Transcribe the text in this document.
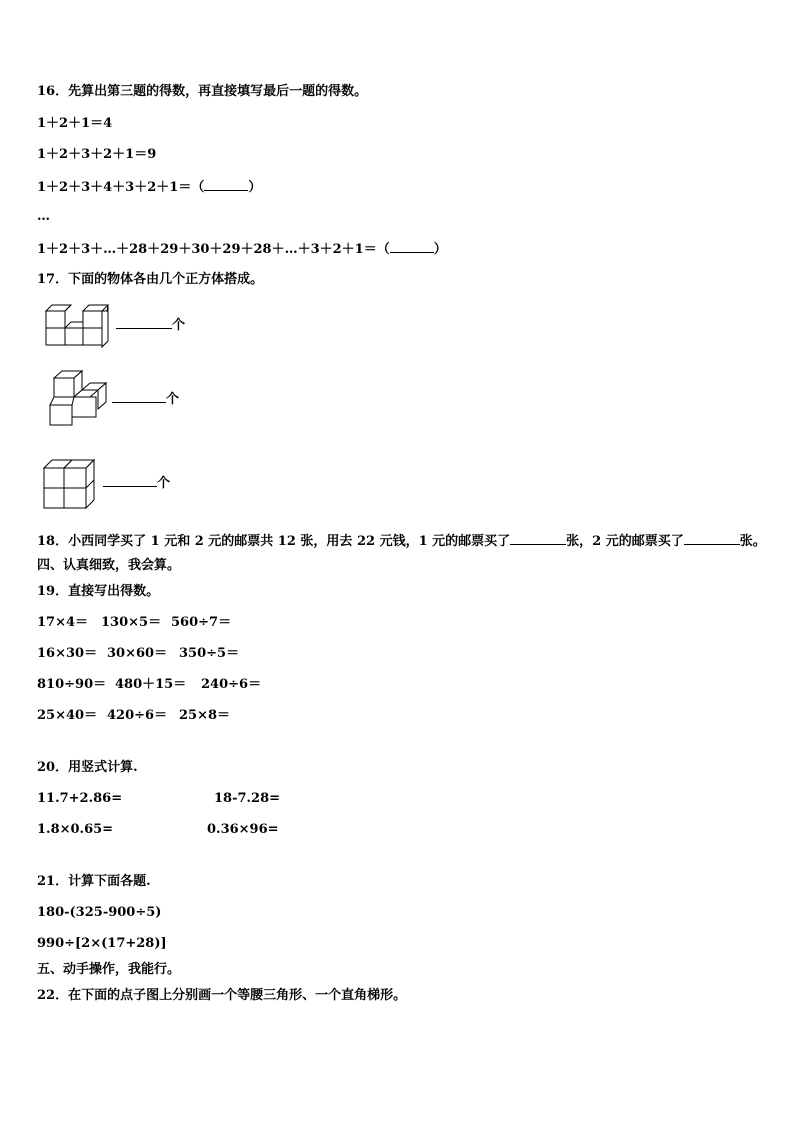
16．先算出第三题的得数，再直接填写最后一题的得数。
1＋2＋1＝4
1＋2＋3＋2＋1＝9
1＋2＋3＋4＋3＋2＋1＝（	）
…
1＋2＋3＋…＋28＋29＋30＋29＋28＋…＋3＋2＋1＝（	）
17．下面的物体各由几个正方体搭成。
个
个
个
18．小西同学买了 1 元和 2 元的邮票共 12 张，用去 22 元钱，1 元的邮票买了	张，2 元的邮票买了	张。
四、认真细致，我会算。
19．直接写出得数。
17×4＝ 130×5＝ 560÷7＝
16×30＝ 30×60＝ 350÷5＝
810÷90＝ 480＋15＝ 240÷6＝
25×40＝ 420÷6＝ 25×8＝
20．用竖式计算.
11.7+2.86=	18-7.28=
1.8×0.65=	0.36×96=
21．计算下面各题.
180-(325-900÷5)
990÷[2×(17+28)]
五、动手操作，我能行。
22．在下面的点子图上分别画一个等腰三角形、一个直角梯形。
